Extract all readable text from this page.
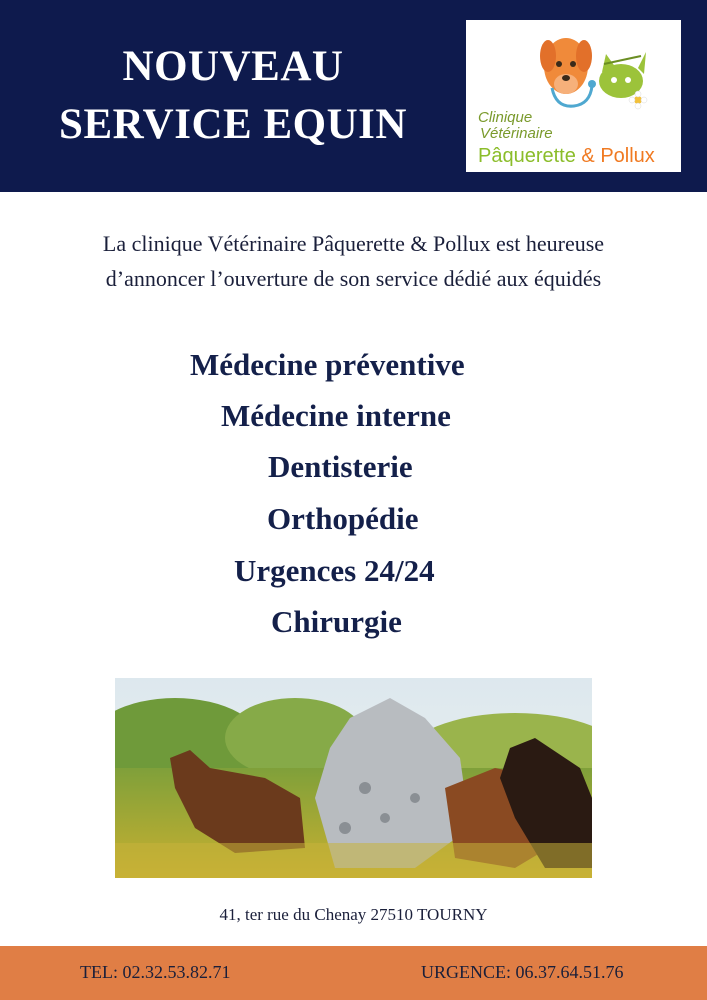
NOUVEAU
SERVICE EQUIN	Clinique
Vétérinaire
Pâquerette & Pollux
La clinique Vétérinaire Pâquerette & Pollux est heureuse
d’annoncer l’ouverture de son service dédié aux équidés
Médecine préventive
Médecine interne
Dentisterie
Orthopédie
Urgences 24/24
Chirurgie
41, ter rue du Chenay 27510 TOURNY
TEL: 02.32.53.82.71	URGENCE: 06.37.64.51.76
